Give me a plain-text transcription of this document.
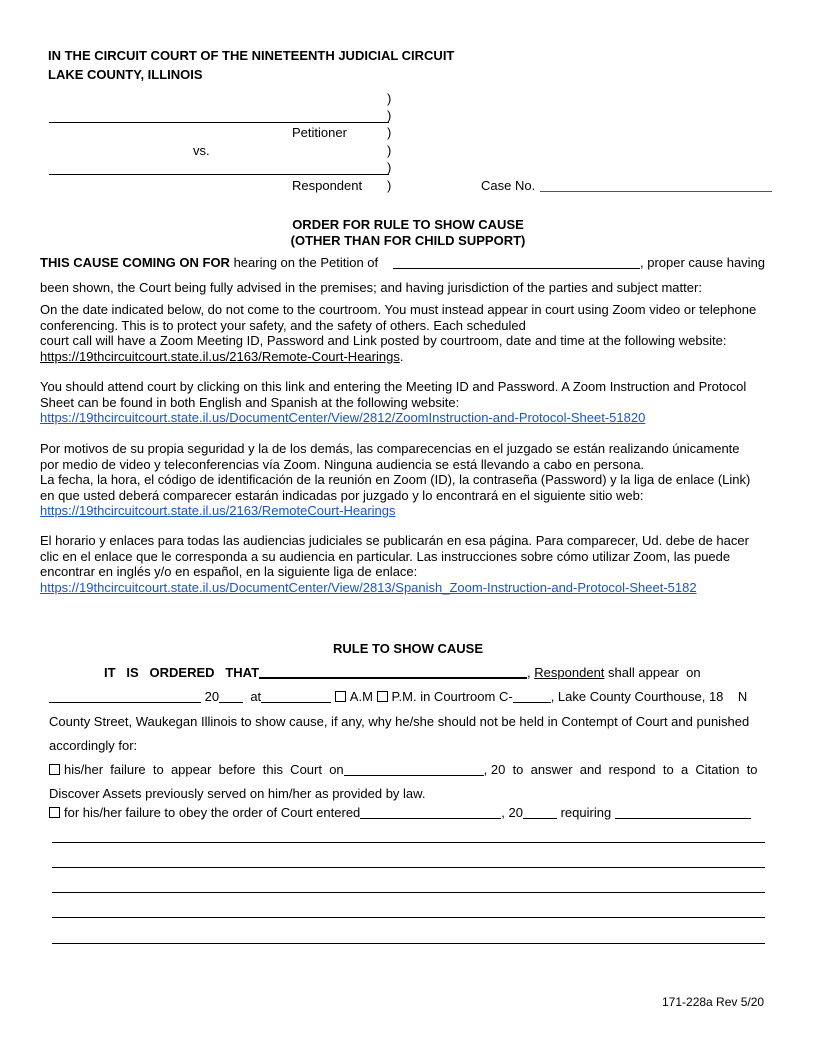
IN THE CIRCUIT COURT OF THE NINETEENTH JUDICIAL CIRCUIT
LAKE COUNTY, ILLINOIS
)
)
Petitioner	)
vs.	)
)
Respondent )	Case No.
ORDER FOR RULE TO SHOW CAUSE
(OTHER THAN FOR CHILD SUPPORT)
THIS CAUSE COMING ON FOR hearing on the Petition of	, proper cause having
been shown, the Court being fully advised in the premises; and having jurisdiction of the parties and subject matter:
On the date indicated below, do not come to the courtroom. You must instead appear in court using Zoom video or telephone
conferencing. This is to protect your safety, and the safety of others. Each scheduled
court call will have a Zoom Meeting ID, Password and Link posted by courtroom, date and time at the following website:
https://19thcircuitcourt.state.il.us/2163/Remote-Court-Hearings.
You should attend court by clicking on this link and entering the Meeting ID and Password. A Zoom Instruction and Protocol
Sheet can be found in both English and Spanish at the following website:
https://19thcircuitcourt.state.il.us/DocumentCenter/View/2812/ZoomInstruction-and-Protocol-Sheet-51820
Por motivos de su propia seguridad y la de los demás, las comparecencias en el juzgado se están realizando únicamente
por medio de video y teleconferencias vía Zoom. Ninguna audiencia se está llevando a cabo en persona.
La fecha, la hora, el código de identificación de la reunión en Zoom (ID), la contraseña (Password) y la liga de enlace (Link)
en que usted deberá comparecer estarán indicadas por juzgado y lo encontrará en el siguiente sitio web:
https://19thcircuitcourt.state.il.us/2163/RemoteCourt-Hearings
El horario y enlaces para todas las audiencias judiciales se publicarán en esa página. Para comparecer, Ud. debe de hacer
clic en el enlace que le corresponda a su audiencia en particular. Las instrucciones sobre cómo utilizar Zoom, las puede
encontrar en inglés y/o en español, en la siguiente liga de enlace:
https://19thcircuitcourt.state.il.us/DocumentCenter/View/2813/Spanish_Zoom-Instruction-and-Protocol-Sheet-5182
RULE TO SHOW CAUSE
IT   IS   ORDERED   THAT	, Respondent shall appear  on
20 at	A.M P.M. in Courtroom C-	, Lake County Courthouse, 18    N
County Street, Waukegan Illinois to show cause, if any, why he/she should not be held in Contempt of Court and punished
accordingly for:
his/her  failure  to  appear  before  this  Court  on	, 20  to  answer  and  respond  to  a  Citation  to
Discover Assets previously served on him/her as provided by law.
for his/her failure to obey the order of Court entered	, 20	requiring
171-228a Rev 5/20
